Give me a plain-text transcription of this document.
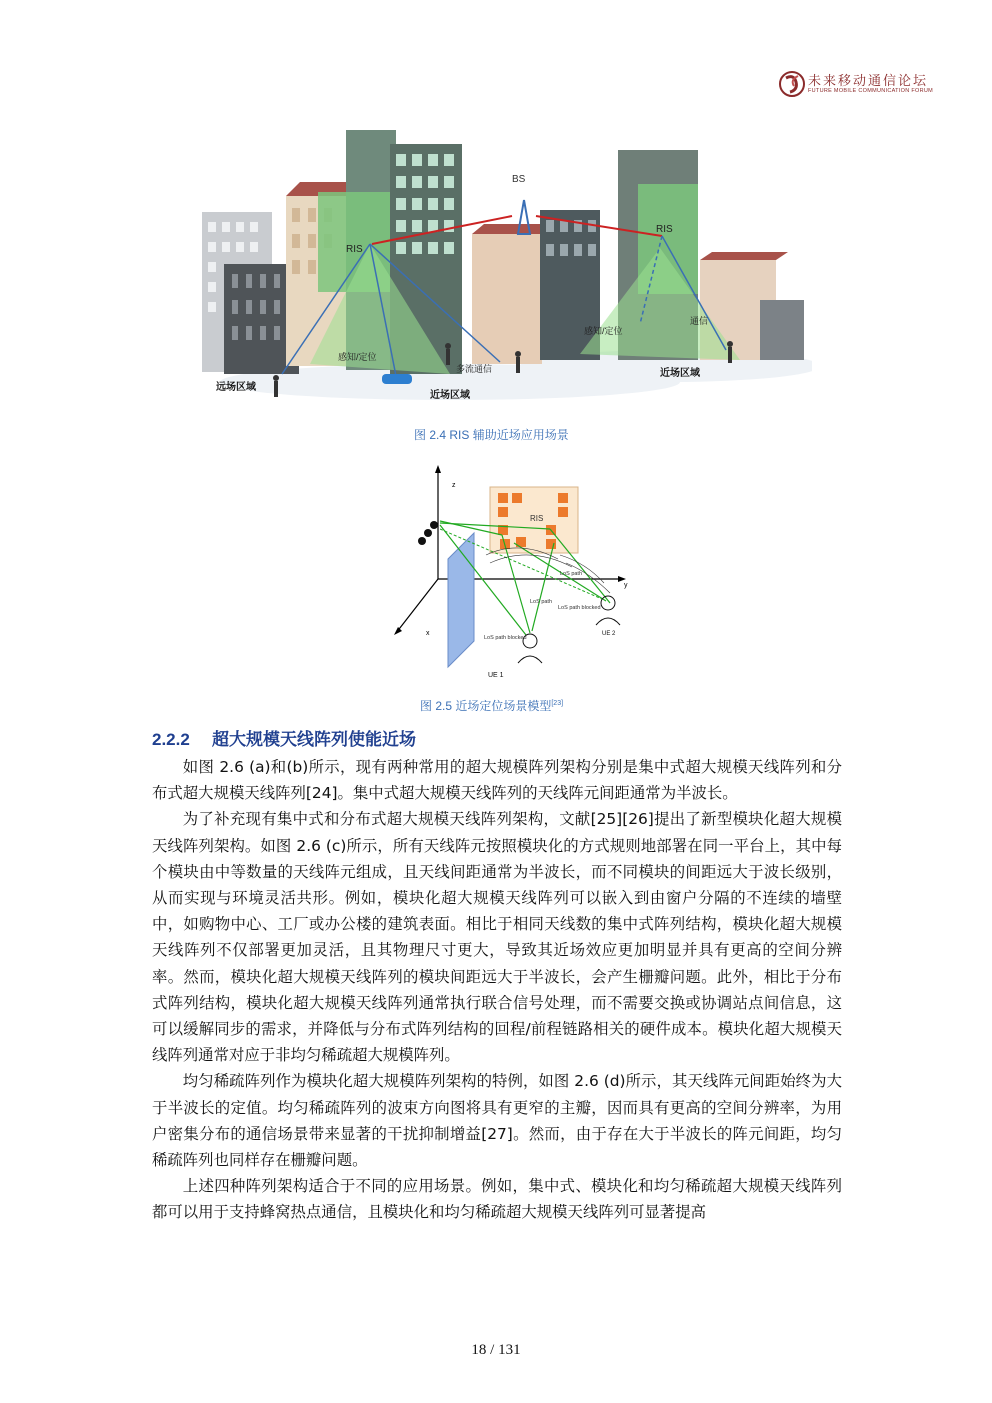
未来移动通信论坛
FUTURE MOBILE COMMUNICATION FORUM
BS
RIS
RIS
感知/定位
多流通信
感知/定位
通信
远场区域
近场区域
近场区域
图 2.4 RIS 辅助近场应用场景
z
y
x
RIS
LoS path
LoS path
LoS path blocked
LoS path blocked
UE 1
UE 2
图 2.5 近场定位场景模型[23]
2.2.2 超大规模天线阵列使能近场

如图 2.6 (a)和(b)所示，现有两种常用的超大规模阵列架构分别是集中式超大规模天线阵列和分布式超大规模天线阵列[24]。集中式超大规模天线阵列的天线阵元间距通常为半波长。

为了补充现有集中式和分布式超大规模天线阵列架构，文献[25][26]提出了新型模块化超大规模天线阵列架构。如图 2.6 (c)所示，所有天线阵元按照模块化的方式规则地部署在同一平台上，其中每个模块由中等数量的天线阵元组成，且天线间距通常为半波长，而不同模块的间距远大于波长级别，从而实现与环境灵活共形。例如，模块化超大规模天线阵列可以嵌入到由窗户分隔的不连续的墙壁中，如购物中心、工厂或办公楼的建筑表面。相比于相同天线数的集中式阵列结构，模块化超大规模天线阵列不仅部署更加灵活，且其物理尺寸更大，导致其近场效应更加明显并具有更高的空间分辨率。然而，模块化超大规模天线阵列的模块间距远大于半波长，会产生栅瓣问题。此外，相比于分布式阵列结构，模块化超大规模天线阵列通常执行联合信号处理，而不需要交换或协调站点间信息，这可以缓解同步的需求，并降低与分布式阵列结构的回程/前程链路相关的硬件成本。模块化超大规模天线阵列通常对应于非均匀稀疏超大规模阵列。

均匀稀疏阵列作为模块化超大规模阵列架构的特例，如图 2.6 (d)所示，其天线阵元间距始终为大于半波长的定值。均匀稀疏阵列的波束方向图将具有更窄的主瓣，因而具有更高的空间分辨率，为用户密集分布的通信场景带来显著的干扰抑制增益[27]。然而，由于存在大于半波长的阵元间距，均匀稀疏阵列也同样存在栅瓣问题。

上述四种阵列架构适合于不同的应用场景。例如，集中式、模块化和均匀稀疏超大规模天线阵列都可以用于支持蜂窝热点通信，且模块化和均匀稀疏超大规模天线阵列可显著提高

18 / 131
